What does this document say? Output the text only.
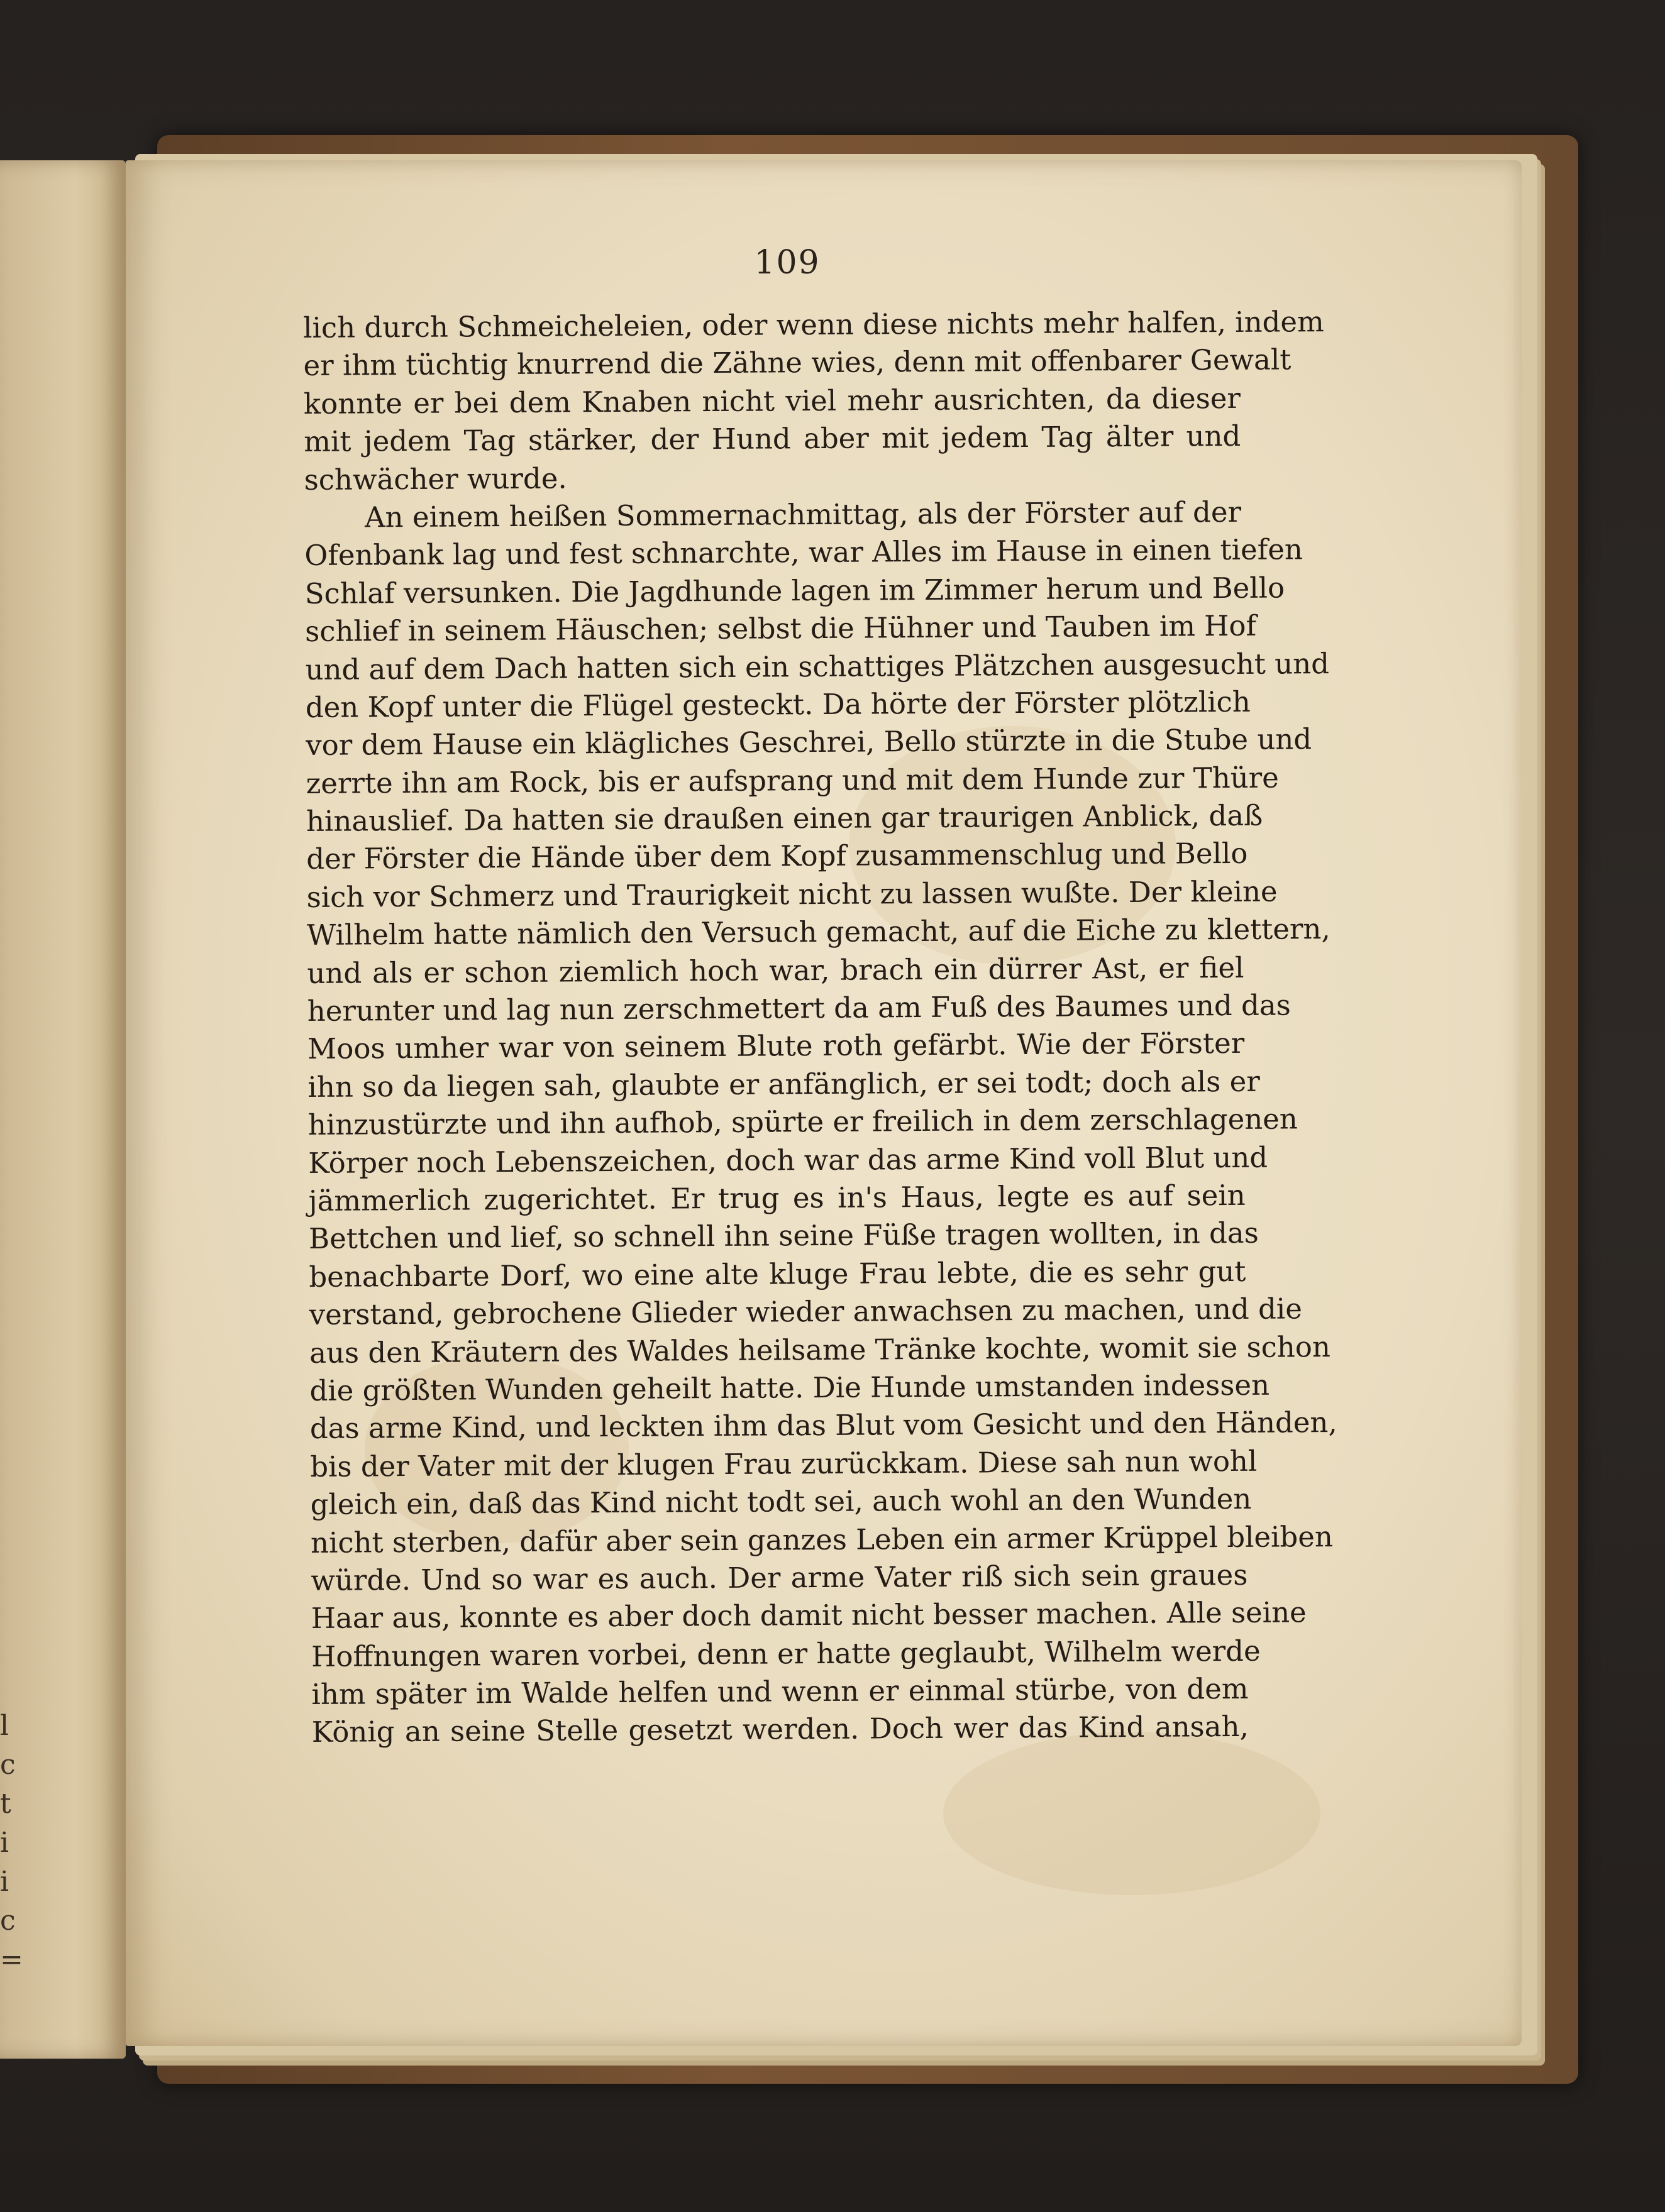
l
c
t
i
i
c
=
109
lich durch Schmeicheleien, oder wenn diese nichts mehr halfen, indem
er ihm tüchtig knurrend die Zähne wies, denn mit offenbarer Gewalt
konnte er bei dem Knaben nicht viel mehr ausrichten, da dieser
mit jedem Tag stärker, der Hund aber mit jedem Tag älter und
schwächer wurde.
An einem heißen Sommernachmittag, als der Förster auf der
Ofenbank lag und fest schnarchte, war Alles im Hause in einen tiefen
Schlaf versunken. Die Jagdhunde lagen im Zimmer herum und Bello
schlief in seinem Häuschen; selbst die Hühner und Tauben im Hof
und auf dem Dach hatten sich ein schattiges Plätzchen ausgesucht und
den Kopf unter die Flügel gesteckt. Da hörte der Förster plötzlich
vor dem Hause ein klägliches Geschrei, Bello stürzte in die Stube und
zerrte ihn am Rock, bis er aufsprang und mit dem Hunde zur Thüre
hinauslief. Da hatten sie draußen einen gar traurigen Anblick, daß
der Förster die Hände über dem Kopf zusammenschlug und Bello
sich vor Schmerz und Traurigkeit nicht zu lassen wußte. Der kleine
Wilhelm hatte nämlich den Versuch gemacht, auf die Eiche zu klettern,
und als er schon ziemlich hoch war, brach ein dürrer Ast, er fiel
herunter und lag nun zerschmettert da am Fuß des Baumes und das
Moos umher war von seinem Blute roth gefärbt. Wie der Förster
ihn so da liegen sah, glaubte er anfänglich, er sei todt; doch als er
hinzustürzte und ihn aufhob, spürte er freilich in dem zerschlagenen
Körper noch Lebenszeichen, doch war das arme Kind voll Blut und
jämmerlich zugerichtet. Er trug es in's Haus, legte es auf sein
Bettchen und lief, so schnell ihn seine Füße tragen wollten, in das
benachbarte Dorf, wo eine alte kluge Frau lebte, die es sehr gut
verstand, gebrochene Glieder wieder anwachsen zu machen, und die
aus den Kräutern des Waldes heilsame Tränke kochte, womit sie schon
die größten Wunden geheilt hatte. Die Hunde umstanden indessen
das arme Kind, und leckten ihm das Blut vom Gesicht und den Händen,
bis der Vater mit der klugen Frau zurückkam. Diese sah nun wohl
gleich ein, daß das Kind nicht todt sei, auch wohl an den Wunden
nicht sterben, dafür aber sein ganzes Leben ein armer Krüppel bleiben
würde. Und so war es auch. Der arme Vater riß sich sein graues
Haar aus, konnte es aber doch damit nicht besser machen. Alle seine
Hoffnungen waren vorbei, denn er hatte geglaubt, Wilhelm werde
ihm später im Walde helfen und wenn er einmal stürbe, von dem
König an seine Stelle gesetzt werden. Doch wer das Kind ansah,
